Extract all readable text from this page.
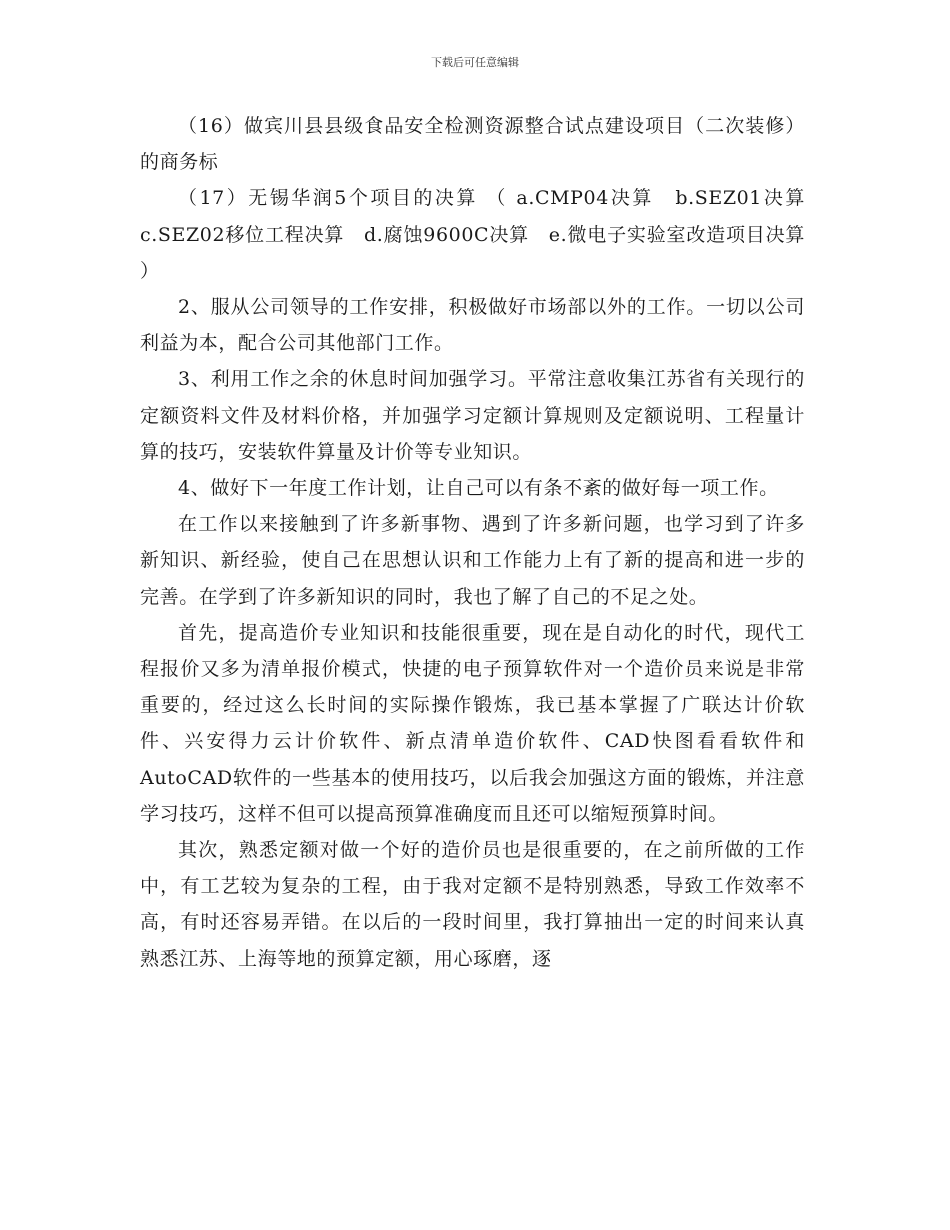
下载后可任意编辑

（16）做宾川县县级食品安全检测资源整合试点建设项目（二次装修）的商务标

（17）无锡华润5个项目的决算 （ a.CMP04决算　b.SEZ01决算　c.SEZ02移位工程决算　d.腐蚀9600C决算　e.微电子实验室改造项目决算 ）

2、服从公司领导的工作安排，积极做好市场部以外的工作。一切以公司利益为本，配合公司其他部门工作。

3、利用工作之余的休息时间加强学习。平常注意收集江苏省有关现行的定额资料文件及材料价格，并加强学习定额计算规则及定额说明、工程量计算的技巧，安装软件算量及计价等专业知识。

4、做好下一年度工作计划，让自己可以有条不紊的做好每一项工作。

在工作以来接触到了许多新事物、遇到了许多新问题，也学习到了许多新知识、新经验，使自己在思想认识和工作能力上有了新的提高和进一步的完善。在学到了许多新知识的同时，我也了解了自己的不足之处。

首先，提高造价专业知识和技能很重要，现在是自动化的时代，现代工程报价又多为清单报价模式，快捷的电子预算软件对一个造价员来说是非常重要的，经过这么长时间的实际操作锻炼，我已基本掌握了广联达计价软件、兴安得力云计价软件、新点清单造价软件、CAD快图看看软件和AutoCAD软件的一些基本的使用技巧，以后我会加强这方面的锻炼，并注意学习技巧，这样不但可以提高预算准确度而且还可以缩短预算时间。

其次，熟悉定额对做一个好的造价员也是很重要的，在之前所做的工作中，有工艺较为复杂的工程，由于我对定额不是特别熟悉，导致工作效率不高，有时还容易弄错。在以后的一段时间里，我打算抽出一定的时间来认真熟悉江苏、上海等地的预算定额，用心琢磨，逐
